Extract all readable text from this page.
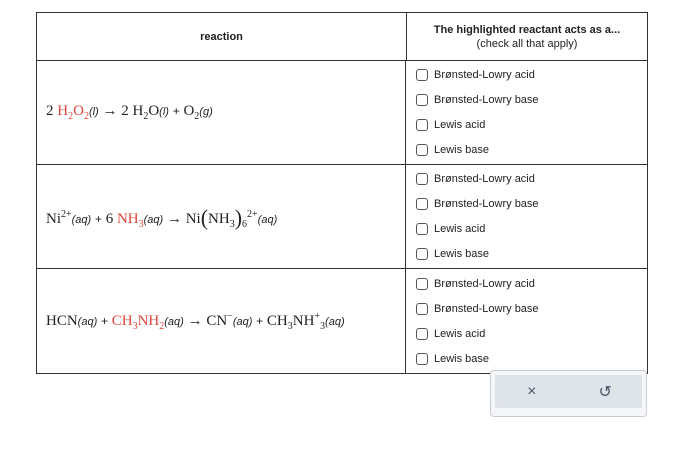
reaction
The highlighted reactant acts as a...
(check all that apply)
2 $H_2O_2(l) \to 2$ $H_2O(l) + O_2(g)$
Brønsted-Lowry acid
Brønsted-Lowry base
Lewis acid
Lewis base
$Ni^{2+}(aq) + 6$ $NH_3(aq) \to Ni(NH_3)_6^{2+}(aq)$
Brønsted-Lowry acid
Brønsted-Lowry base
Lewis acid
Lewis base
$HCN(aq) + CH_3NH_2(aq) \to CN^-(aq) + CH_3NH^+_3(aq)$
Brønsted-Lowry acid
Brønsted-Lowry base
Lewis acid
Lewis base
×	↺
